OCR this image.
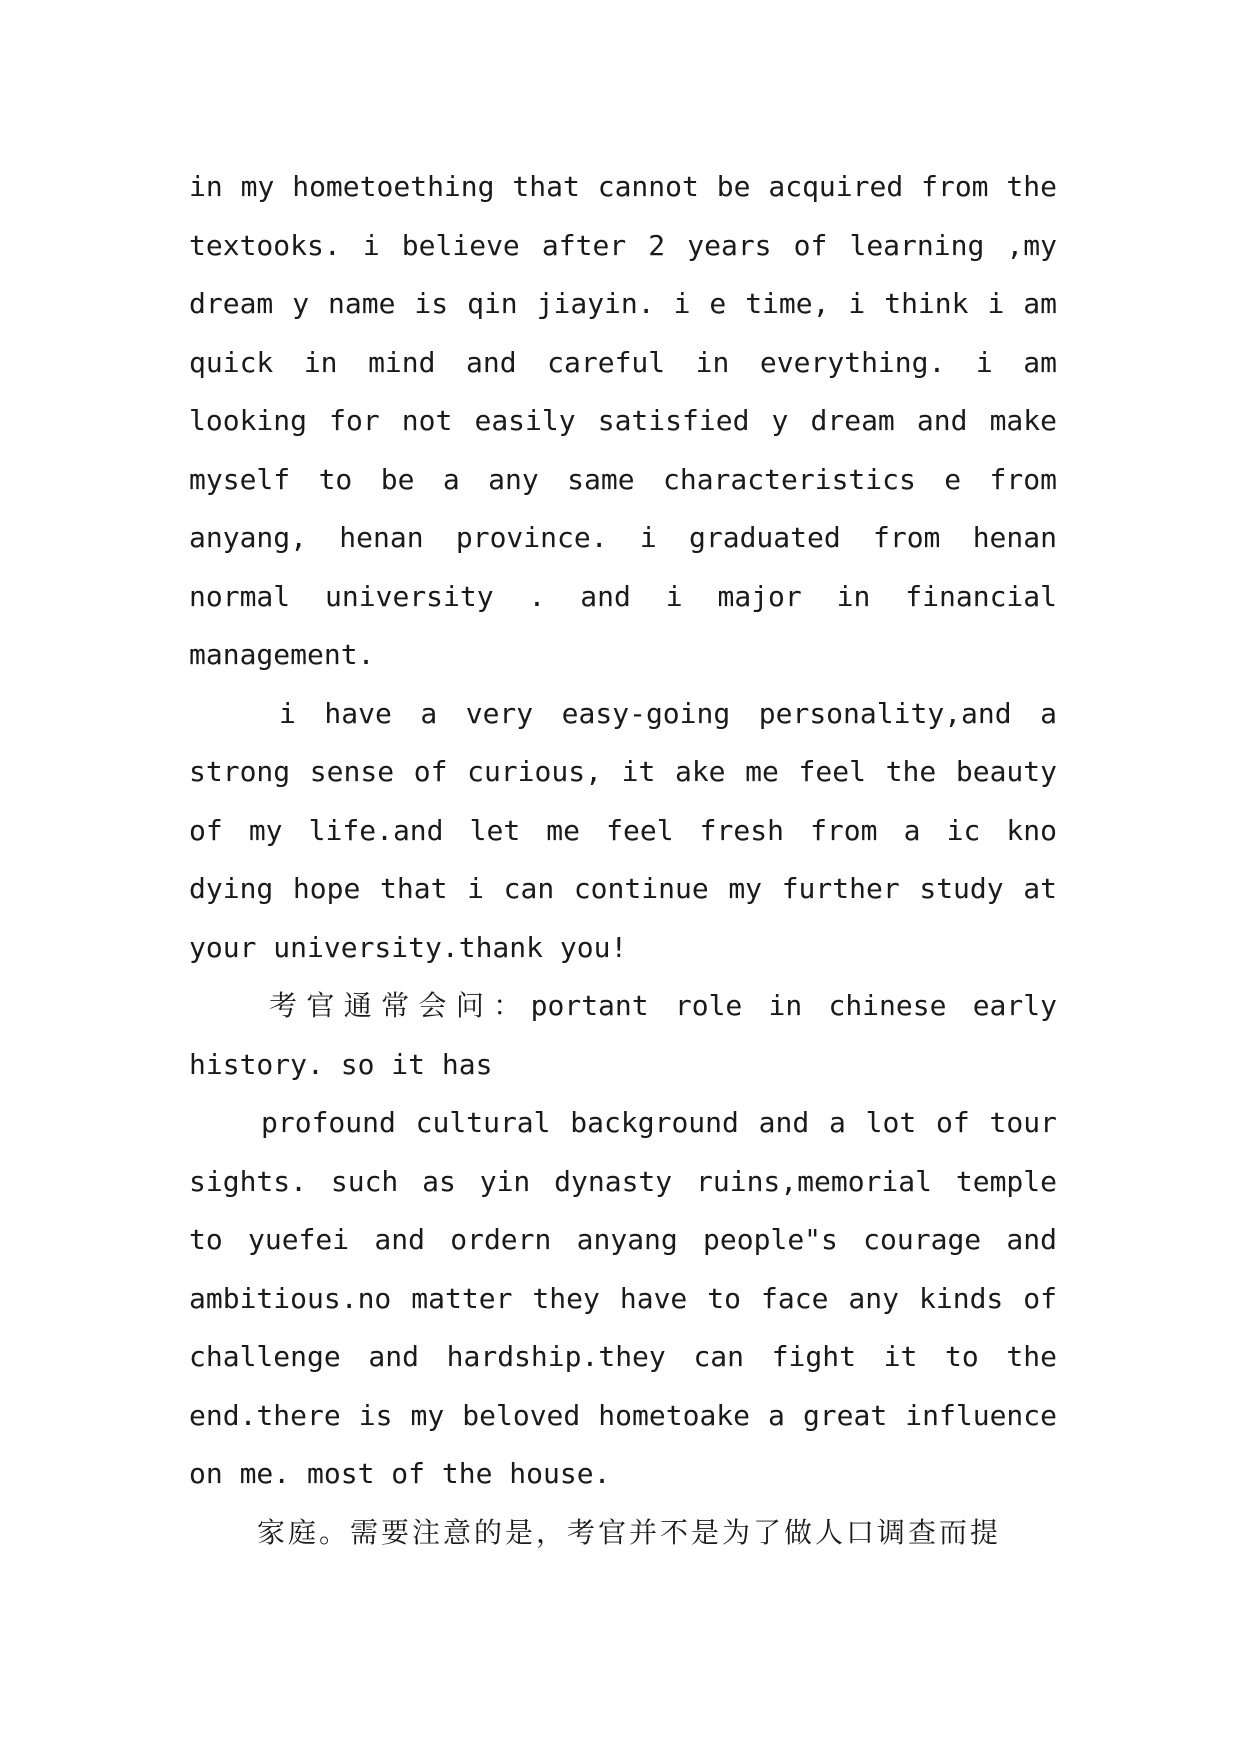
in my hometoething that cannot be acquired from the textooks. i believe after 2 years of learning ,my dream y name is qin jiayin. i e time, i think i am quick in mind and careful in everything. i am looking for not easily satisfied y dream and make myself to be a any same characteristics e from anyang, henan province. i graduated from henan normal university . and i major in financial management.

i have a very easy-going personality,and a strong sense of curious, it ake me feel the beauty of my life.and let me feel fresh from a ic kno dying hope that i can continue my further study at your university.thank you!

考官通常会问：portant role in chinese early history. so it has

profound cultural background and a lot of tour sights. such as yin dynasty ruins,memorial temple to yuefei and ordern anyang people"s courage and ambitious.no matter they have to face any kinds of challenge and hardship.they can fight it to the end.there is my beloved hometoake a great influence on me. most of the house.

家庭。需要注意的是，考官并不是为了做人口调查而提
